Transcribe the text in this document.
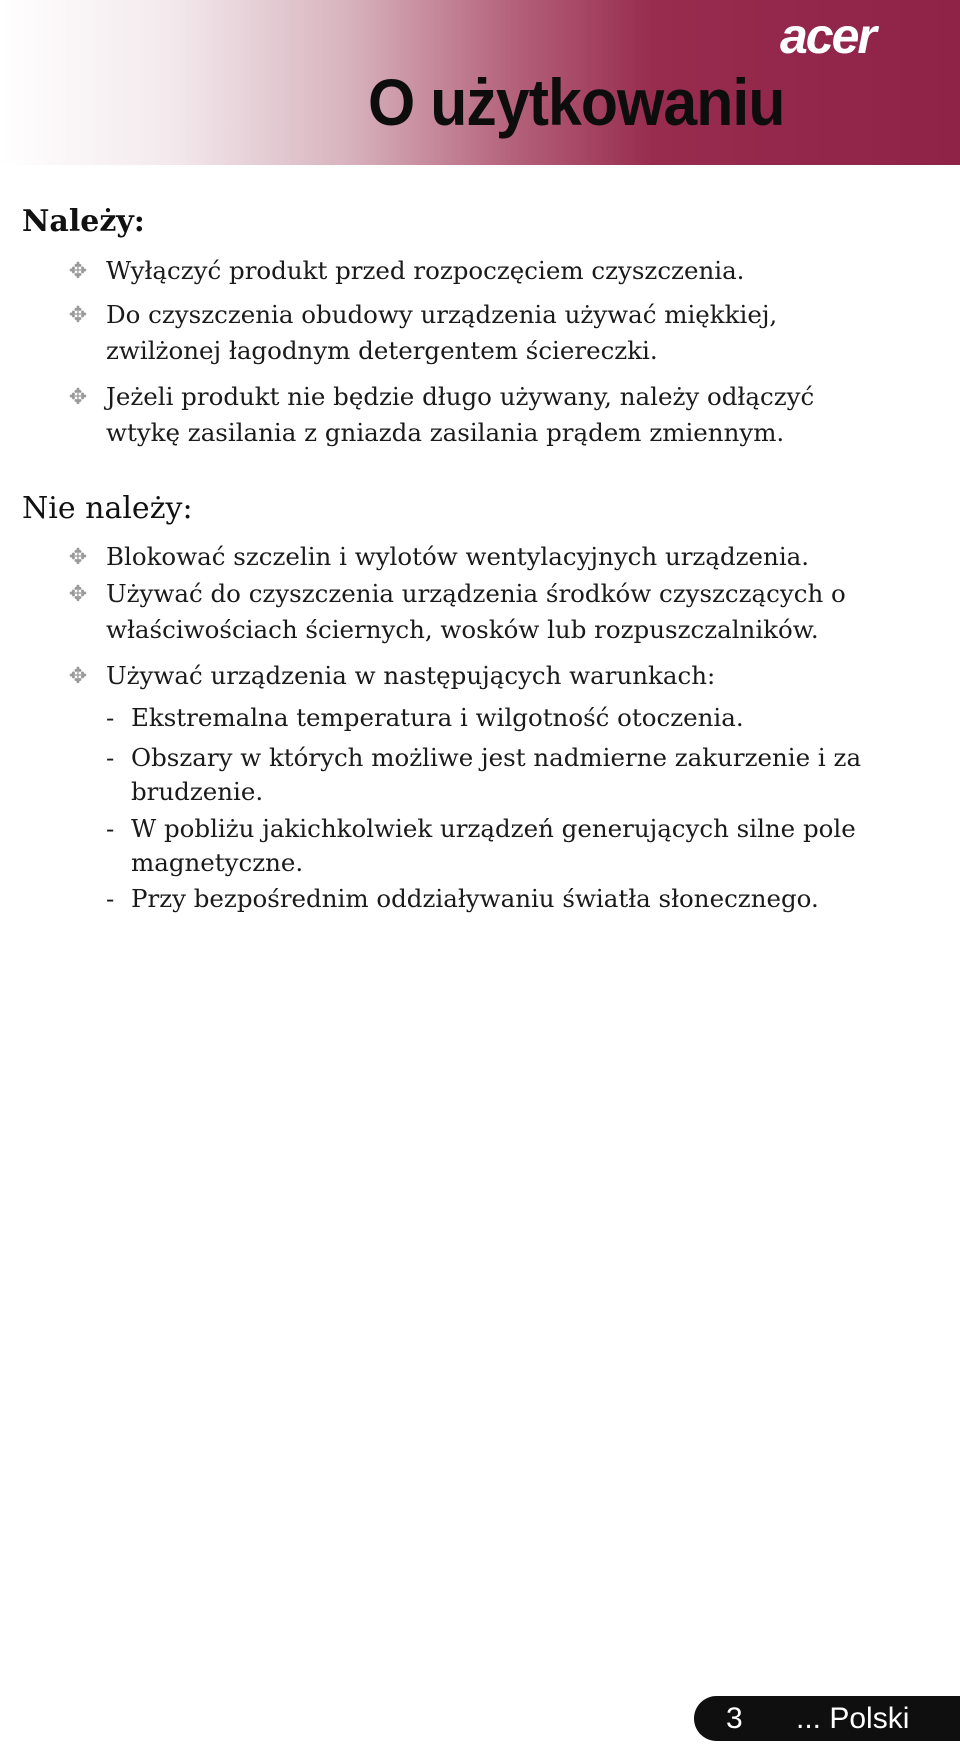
acer
O użytkowaniu
Należy:
✥ Wyłączyć produkt przed rozpoczęciem czyszczenia.

✥ Do czyszczenia obudowy urządzenia używać miękkiej, zwilżonej łagodnym detergentem ściereczki.

✥ Jeżeli produkt nie będzie długo używany, należy odłączyć wtykę zasilania z gniazda zasilania prądem zmiennym.

Nie należy:
✥ Blokować szczelin i wylotów wentylacyjnych urządzenia.

✥ Używać do czyszczenia urządzenia środków czyszczących o właściwościach ściernych, wosków lub rozpuszczalników.

✥ Używać urządzenia w następujących warunkach:

- Ekstremalna temperatura i wilgotność otoczenia.

- Obszary w których możliwe jest nadmierne zakurzenie i za brudzenie.

- W pobliżu jakichkolwiek urządzeń generujących silne pole magnetyczne.

- Przy bezpośrednim oddziaływaniu światła słonecznego.

3 ... Polski
